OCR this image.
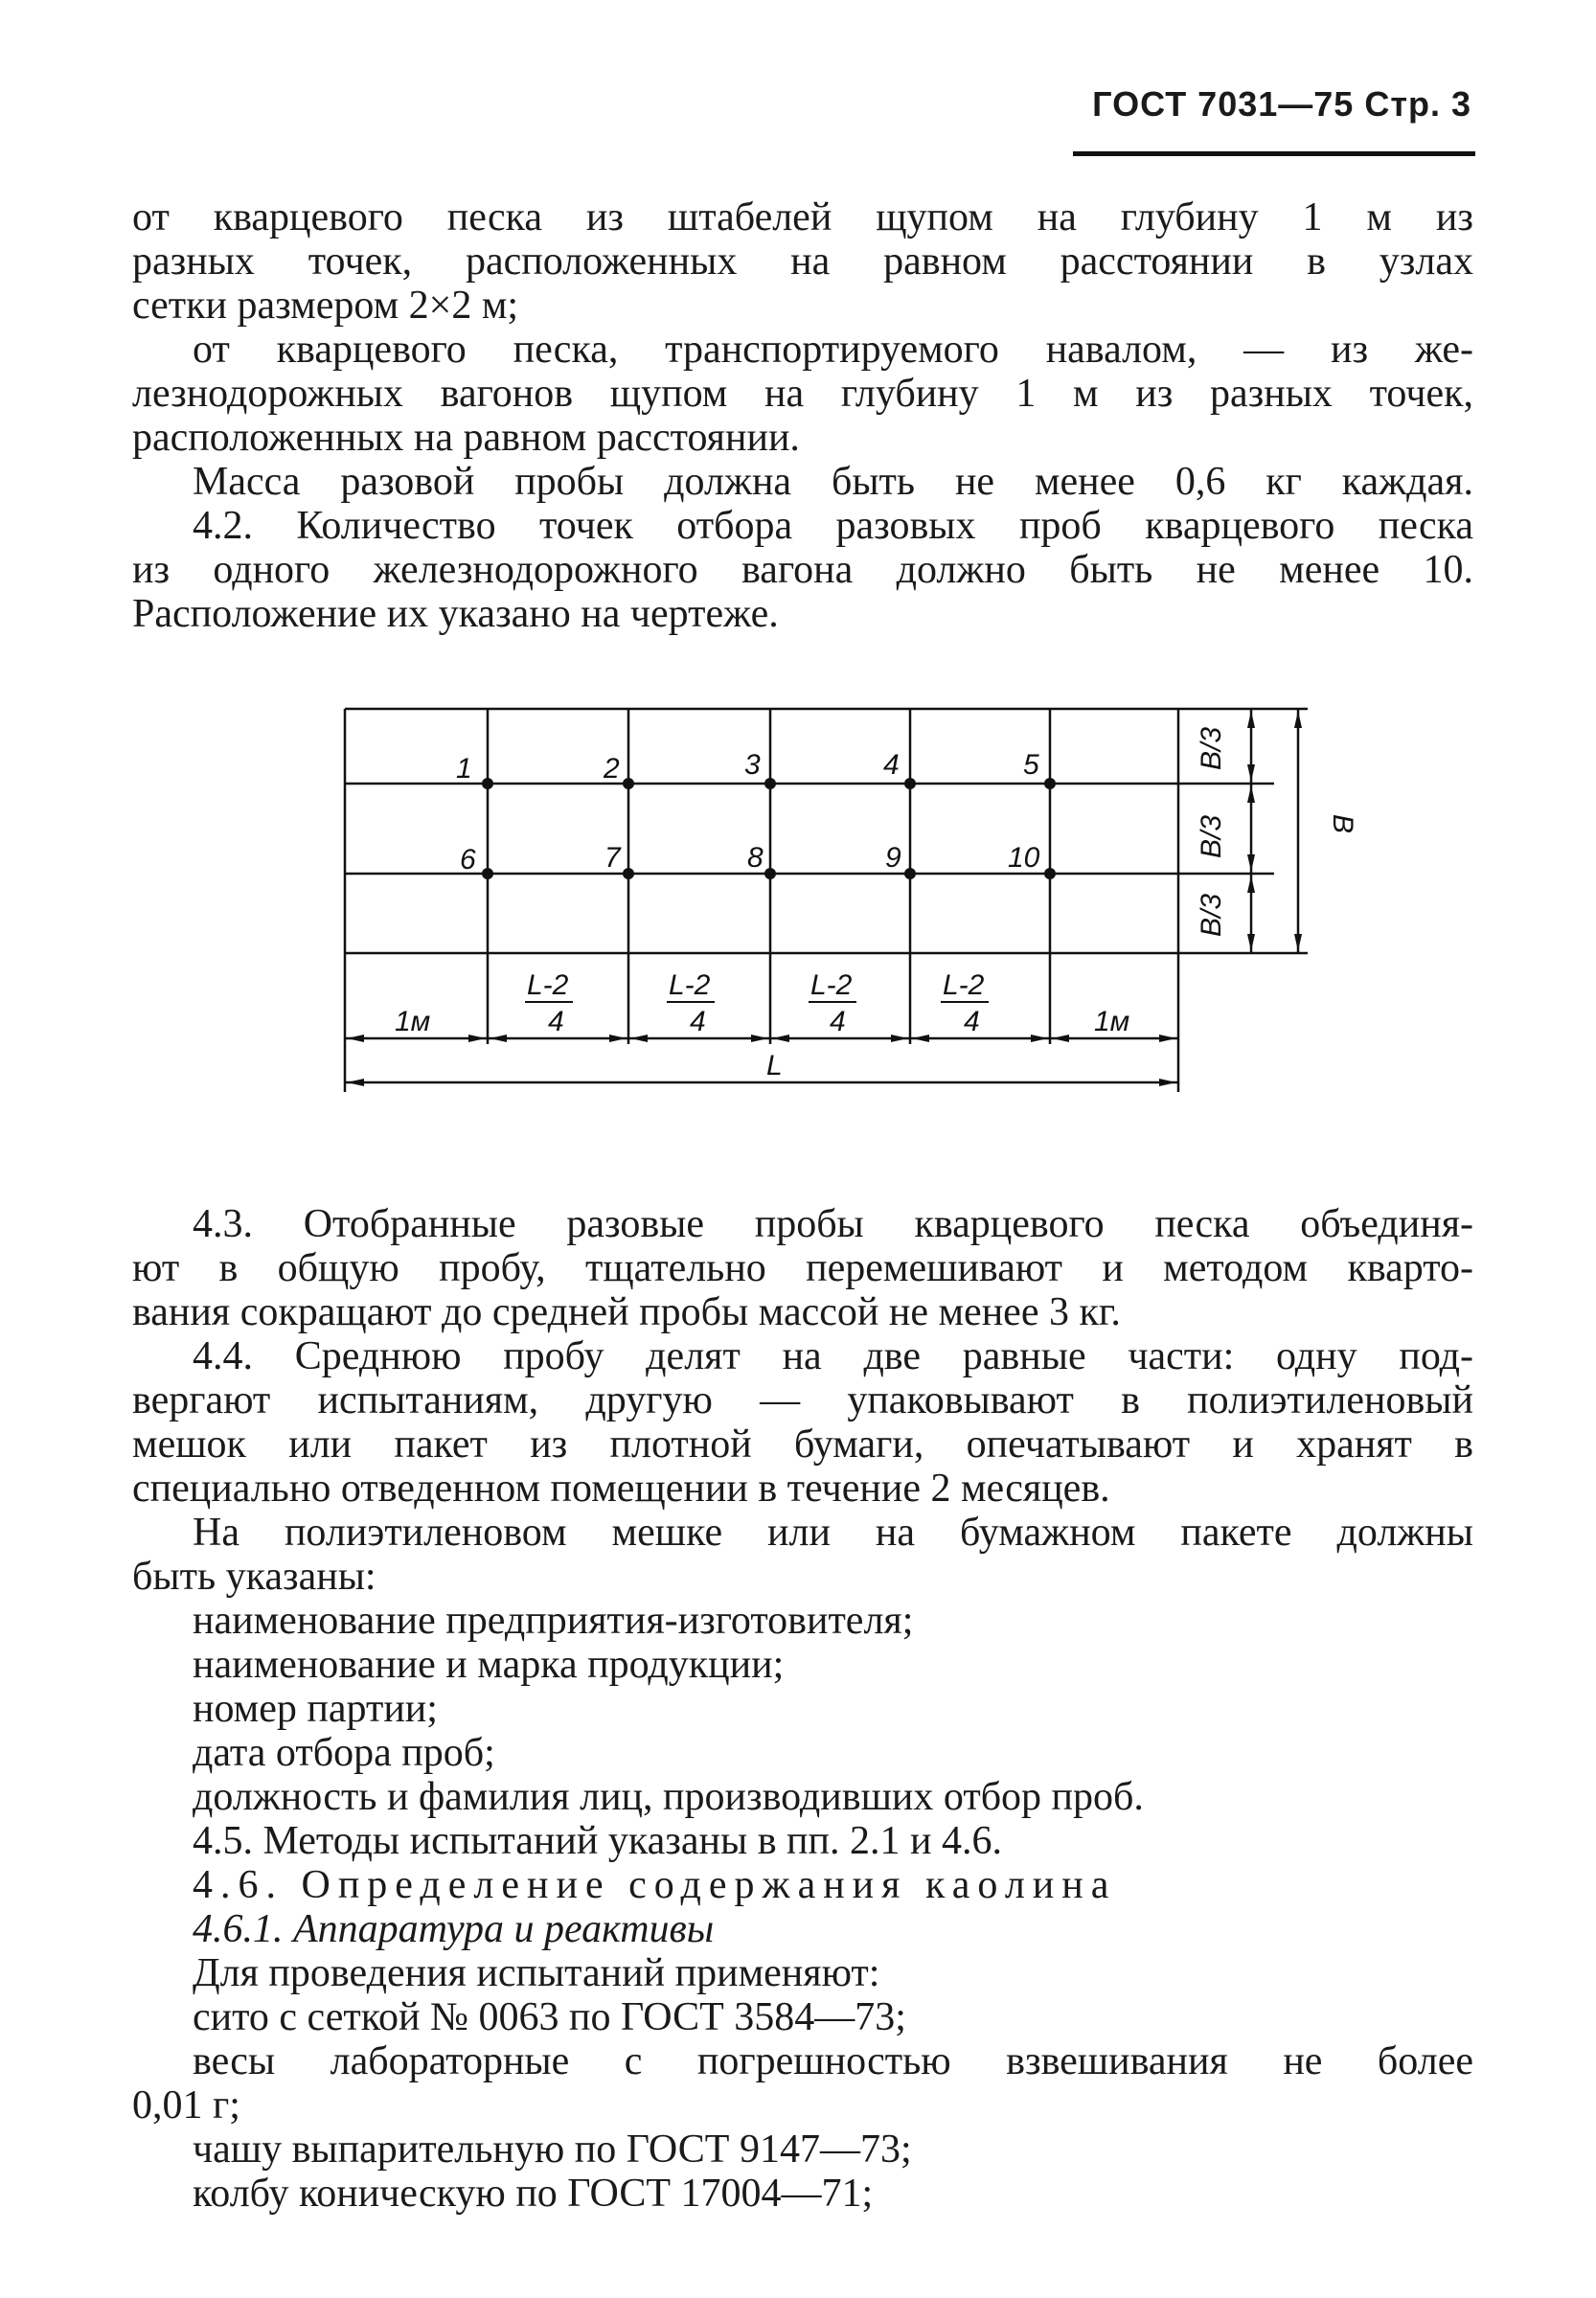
ГОСТ 7031—75 Стр. 3
от кварцевого песка из штабелей щупом на глубину 1 м из
разных точек, расположенных на равном расстоянии в узлах
сетки размером 2×2 м;
от кварцевого песка, транспортируемого навалом, — из же-
лезнодорожных вагонов щупом на глубину 1 м из разных точек,
расположенных на равном расстоянии.
Масса разовой пробы должна быть не менее 0,6 кг каждая.
4.2. Количество точек отбора разовых проб кварцевого песка
из одного железнодорожного вагона должно быть не менее 10.
Расположение их указано на чертеже.
1	2	3	4	5
6	7	8	9	10
1м	1м
L-2
4
L-2
4
L-2
4
L-2
4
L
B/3
B/3
B/3
B
4.3. Отобранные разовые пробы кварцевого песка объединя-
ют в общую пробу, тщательно перемешивают и методом кварто-
вания сокращают до средней пробы массой не менее 3 кг.
4.4. Среднюю пробу делят на две равные части: одну под-
вергают испытаниям, другую — упаковывают в полиэтиленовый
мешок или пакет из плотной бумаги, опечатывают и хранят в
специально отведенном помещении в течение 2 месяцев.
На полиэтиленовом мешке или на бумажном пакете должны
быть указаны:
наименование предприятия-изготовителя;
наименование и марка продукции;
номер партии;
дата отбора проб;
должность и фамилия лиц, производивших отбор проб.
4.5. Методы испытаний указаны в пп. 2.1 и 4.6.
4.6. Определение содержания каолина
4.6.1. Аппаратура и реактивы
Для проведения испытаний применяют:
сито с сеткой № 0063 по ГОСТ 3584—73;
весы лабораторные с погрешностью взвешивания не более
0,01 г;
чашу выпарительную по ГОСТ 9147—73;
колбу коническую по ГОСТ 17004—71;
